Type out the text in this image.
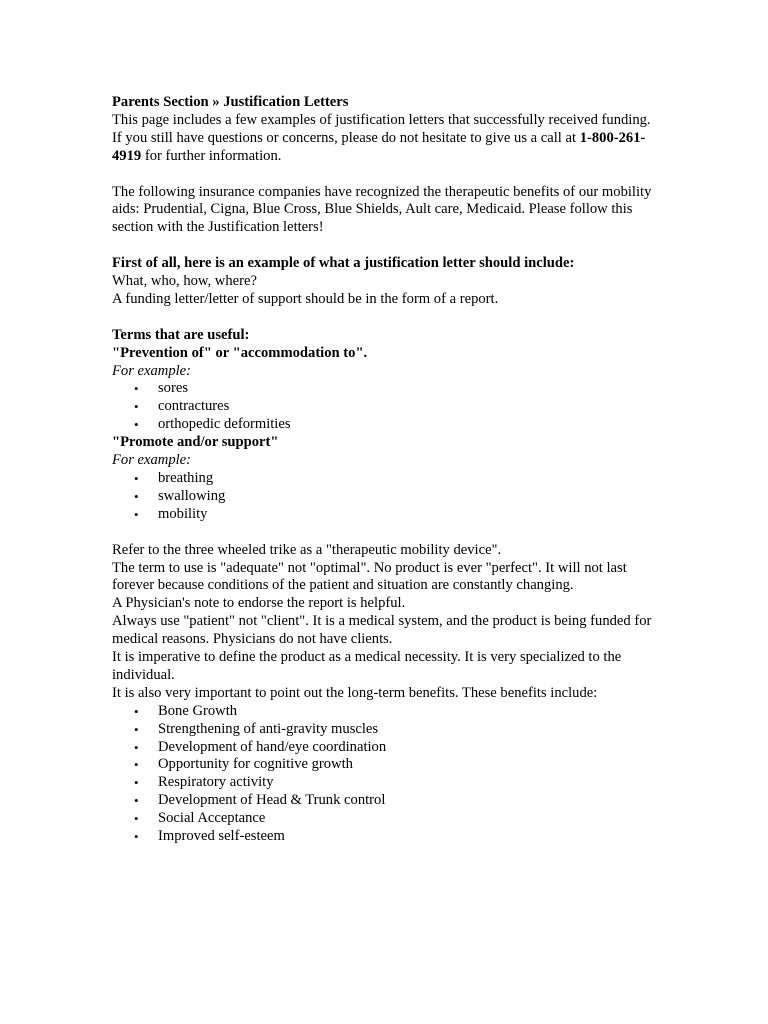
Parents Section » Justification Letters

This page includes a few examples of justification letters that successfully received funding. If you still have questions or concerns, please do not hesitate to give us a call at 1-800-261-4919 for further information.

The following insurance companies have recognized the therapeutic benefits of our mobility aids: Prudential, Cigna, Blue Cross, Blue Shields, Ault care, Medicaid. Please follow this section with the Justification letters!

First of all, here is an example of what a justification letter should include:

What, who, how, where?

A funding letter/letter of support should be in the form of a report.

Terms that are useful:

"Prevention of" or "accommodation to".

For example:

• sores
• contractures
• orthopedic deformities

"Promote and/or support"

For example:

• breathing
• swallowing
• mobility

Refer to the three wheeled trike as a "therapeutic mobility device".

The term to use is "adequate" not "optimal". No product is ever "perfect". It will not last forever because conditions of the patient and situation are constantly changing.

A Physician's note to endorse the report is helpful.

Always use "patient" not "client". It is a medical system, and the product is being funded for medical reasons. Physicians do not have clients.

It is imperative to define the product as a medical necessity. It is very specialized to the individual.

It is also very important to point out the long-term benefits. These benefits include:

• Bone Growth
• Strengthening of anti-gravity muscles
• Development of hand/eye coordination
• Opportunity for cognitive growth
• Respiratory activity
• Development of Head & Trunk control
• Social Acceptance
• Improved self-esteem
